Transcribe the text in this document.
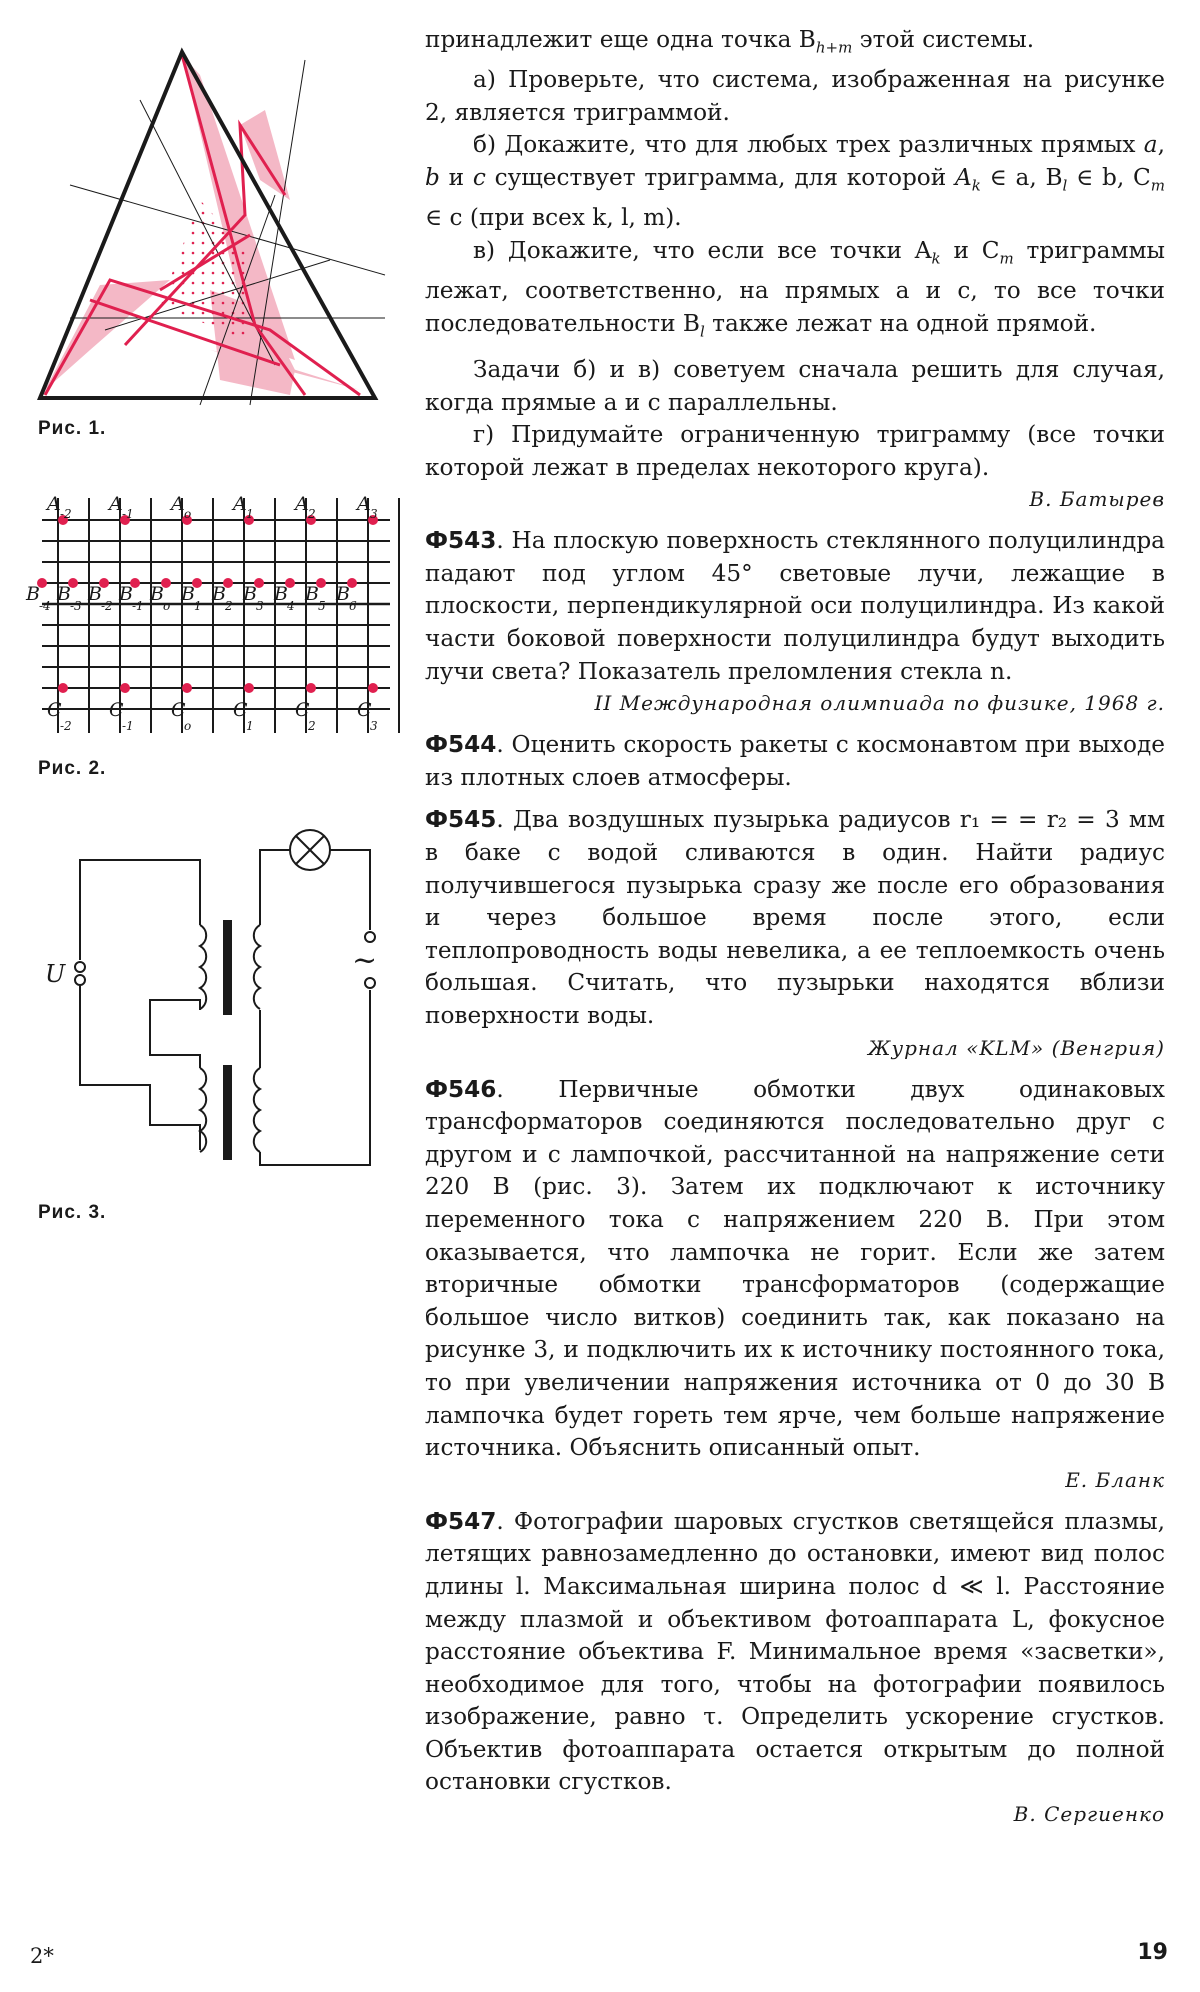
Рис. 1.
A -2 A -1 A o A 1 A 2 A 3
B
-4
B
-3
B
-2
B
-1
B
o
B
1
B
2
B
3
B
4
B
5
B
6
C
-2
C
-1
C
o
C
1
C
2
C
3
Рис. 2.
U	~
Рис. 3.

принадлежит еще одна точка $B_{h+m}$ этой системы.

а) Проверьте, что система, изображенная на рисунке 2, является триграммой.

б) Докажите, что для любых трех различных прямых a, b и c существует триграмма, для которой $A_k$ ∈ a, $B_l$ ∈ b, $C_m$ ∈ c (при всех k, l, m).

в) Докажите, что если все точки $A_k$ и $C_m$ триграммы лежат, соответственно, на прямых a и c, то все точки последовательности $B_l$ также лежат на одной прямой.

Задачи б) и в) советуем сначала решить для случая, когда прямые a и c параллельны.

г) Придумайте ограниченную триграмму (все точки которой лежат в пределах некоторого круга).

В. Батырев

Ф543. На плоскую поверхность стеклянного полуцилиндра падают под углом 45° световые лучи, лежащие в плоскости, перпендикулярной оси полуцилиндра. Из какой части боковой поверхности полуцилиндра будут выходить лучи света? Показатель преломления стекла n.

II Международная олимпиада по физике, 1968 г.

Ф544. Оценить скорость ракеты с космонавтом при выходе из плотных слоев атмосферы.

Ф545. Два воздушных пузырька радиусов r₁ = = r₂ = 3 мм в баке с водой сливаются в один. Найти радиус получившегося пузырька сразу же после его образования и через большое время после этого, если теплопроводность воды невелика, а ее теплоемкость очень большая. Считать, что пузырьки находятся вблизи поверхности воды.

Журнал «KLM» (Венгрия)

Ф546. Первичные обмотки двух одинаковых трансформаторов соединяются последовательно друг с другом и с лампочкой, рассчитанной на напряжение сети 220 В (рис. 3). Затем их подключают к источнику переменного тока с напряжением 220 В. При этом оказывается, что лампочка не горит. Если же затем вторичные обмотки трансформаторов (содержащие большое число витков) соединить так, как показано на рисунке 3, и подключить их к источнику постоянного тока, то при увеличении напряжения источника от 0 до 30 В лампочка будет гореть тем ярче, чем больше напряжение источника. Объяснить описанный опыт.

Е. Бланк

Ф547. Фотографии шаровых сгустков светящейся плазмы, летящих равнозамедленно до остановки, имеют вид полос длины l. Максимальная ширина полос d ≪ l. Расстояние между плазмой и объективом фотоаппарата L, фокусное расстояние объектива F. Минимальное время «засветки», необходимое для того, чтобы на фотографии появилось изображение, равно τ. Определить ускорение сгустков. Объектив фотоаппарата остается открытым до полной остановки сгустков.

В. Сергиенко

2*	19
